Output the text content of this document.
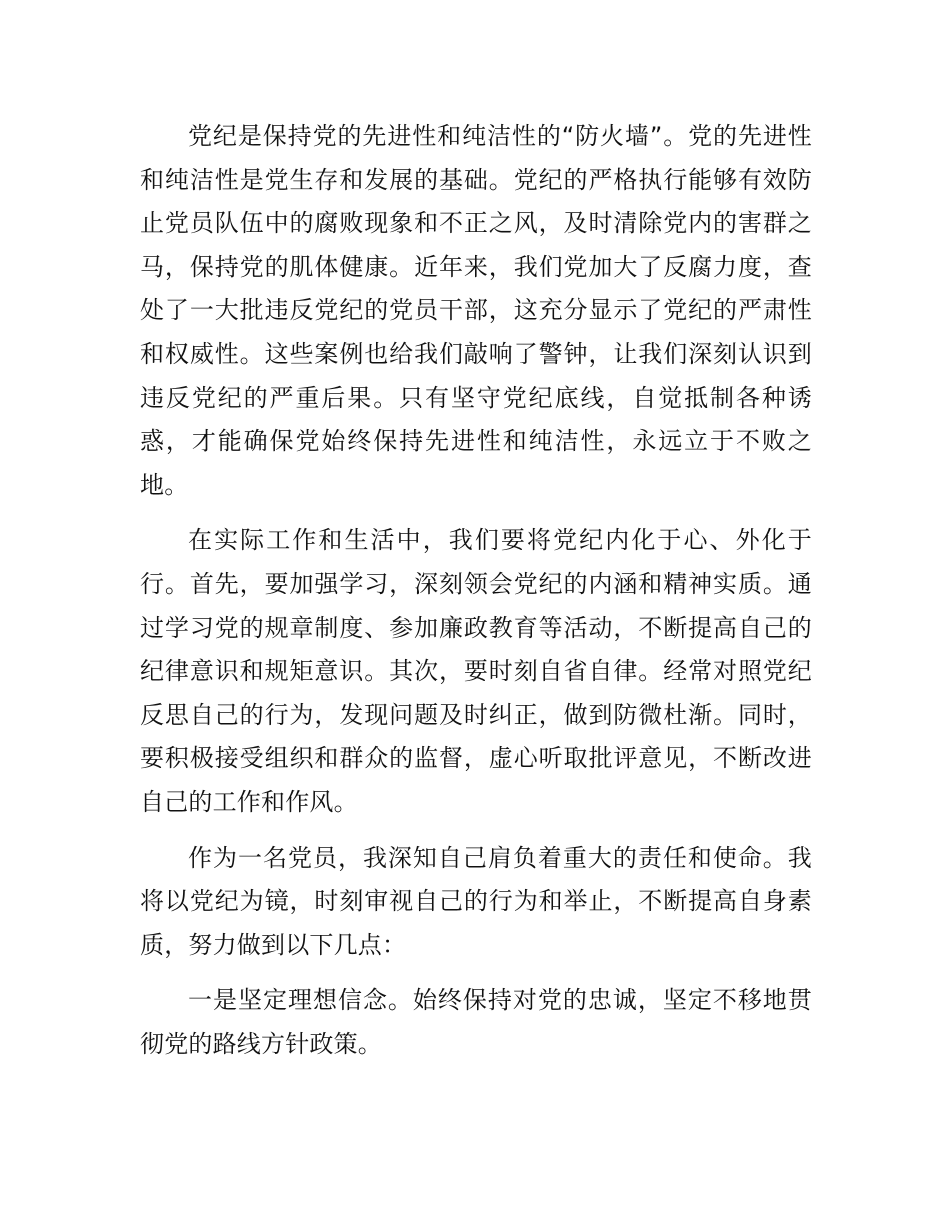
党纪是保持党的先进性和纯洁性的“防火墙”。党的先进性和纯洁性是党生存和发展的基础。党纪的严格执行能够有效防止党员队伍中的腐败现象和不正之风，及时清除党内的害群之马，保持党的肌体健康。近年来，我们党加大了反腐力度，查处了一大批违反党纪的党员干部，这充分显示了党纪的严肃性和权威性。这些案例也给我们敲响了警钟，让我们深刻认识到违反党纪的严重后果。只有坚守党纪底线，自觉抵制各种诱惑，才能确保党始终保持先进性和纯洁性，永远立于不败之地。

在实际工作和生活中，我们要将党纪内化于心、外化于行。首先，要加强学习，深刻领会党纪的内涵和精神实质。通过学习党的规章制度、参加廉政教育等活动，不断提高自己的纪律意识和规矩意识。其次，要时刻自省自律。经常对照党纪反思自己的行为，发现问题及时纠正，做到防微杜渐。同时，要积极接受组织和群众的监督，虚心听取批评意见，不断改进自己的工作和作风。

作为一名党员，我深知自己肩负着重大的责任和使命。我将以党纪为镜，时刻审视自己的行为和举止，不断提高自身素质，努力做到以下几点：

一是坚定理想信念。始终保持对党的忠诚，坚定不移地贯彻党的路线方针政策。
